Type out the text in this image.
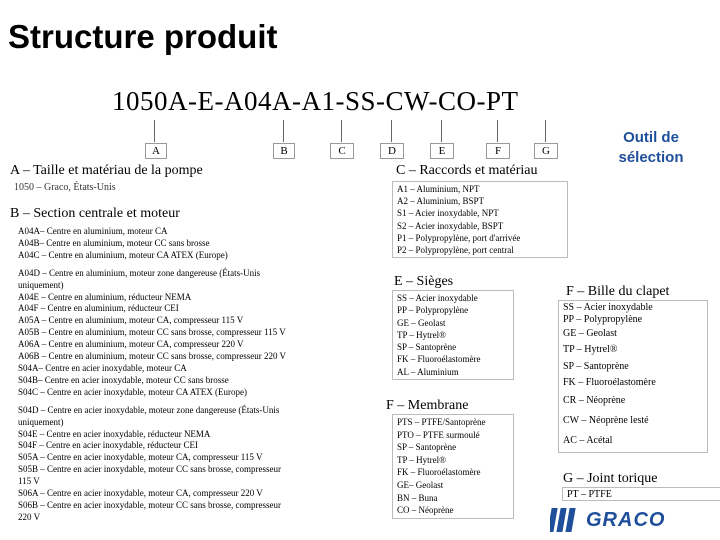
Structure produit
1050A-E-A04A-A1-SS-CW-CO-PT
A	B	C	D	E	F	G
Outil de sélection
A – Taille et matériau de la pompe
1050 – Graco, États-Unis
B – Section centrale et moteur
A04A– Centre en aluminium, moteur CA
A04B– Centre en aluminium, moteur CC sans brosse
A04C – Centre en aluminium, moteur CA ATEX (Europe)
A04D – Centre en aluminium, moteur zone dangereuse (États-Unis
uniquement)
A04E – Centre en aluminium, réducteur NEMA
A04F – Centre en aluminium, réducteur CEI
A05A – Centre en aluminium, moteur CA, compresseur 115 V
A05B – Centre en aluminium, moteur CC sans brosse, compresseur 115 V
A06A – Centre en aluminium, moteur CA, compresseur 220 V
A06B – Centre en aluminium, moteur CC sans brosse, compresseur 220 V
S04A– Centre en acier inoxydable, moteur CA
S04B– Centre en acier inoxydable, moteur CC sans brosse
S04C – Centre en acier inoxydable, moteur CA ATEX (Europe)
S04D – Centre en acier inoxydable, moteur zone dangereuse (États-Unis
uniquement)
S04E – Centre en acier inoxydable, réducteur NEMA
S04F – Centre en acier inoxydable, réducteur CEI
S05A – Centre en acier inoxydable, moteur CA, compresseur 115 V
S05B – Centre en acier inoxydable, moteur CC sans brosse, compresseur
115 V
S06A – Centre en acier inoxydable, moteur CA, compresseur 220 V
S06B – Centre en acier inoxydable, moteur CC sans brosse, compresseur
220 V
C – Raccords et matériau
A1 – Aluminium, NPT
A2 – Aluminium, BSPT
S1 – Acier inoxydable, NPT
S2 – Acier inoxydable, BSPT
P1 – Polypropylène, port d'arrivée
P2 – Polypropylène, port central
E – Sièges
SS – Acier inoxydable
PP – Polypropylène
GE – Geolast
TP – Hytrel®
SP – Santoprène
FK – Fluoroélastomère
AL – Aluminium
F – Membrane
PTS – PTFE/Santoprène
PTO – PTFE surmoulé
SP – Santoprène
TP – Hytrel®
FK – Fluoroélastomère
GE– Geolast
BN – Buna
CO – Néoprène
F – Bille du clapet
SS – Acier inoxydable
PP – Polypropylène
GE – Geolast
TP – Hytrel®
SP – Santoprène
FK – Fluoroélastomère
CR – Néoprène
CW – Néoprène lesté
AC – Acétal
G – Joint torique
PT – PTFE
GRACO
